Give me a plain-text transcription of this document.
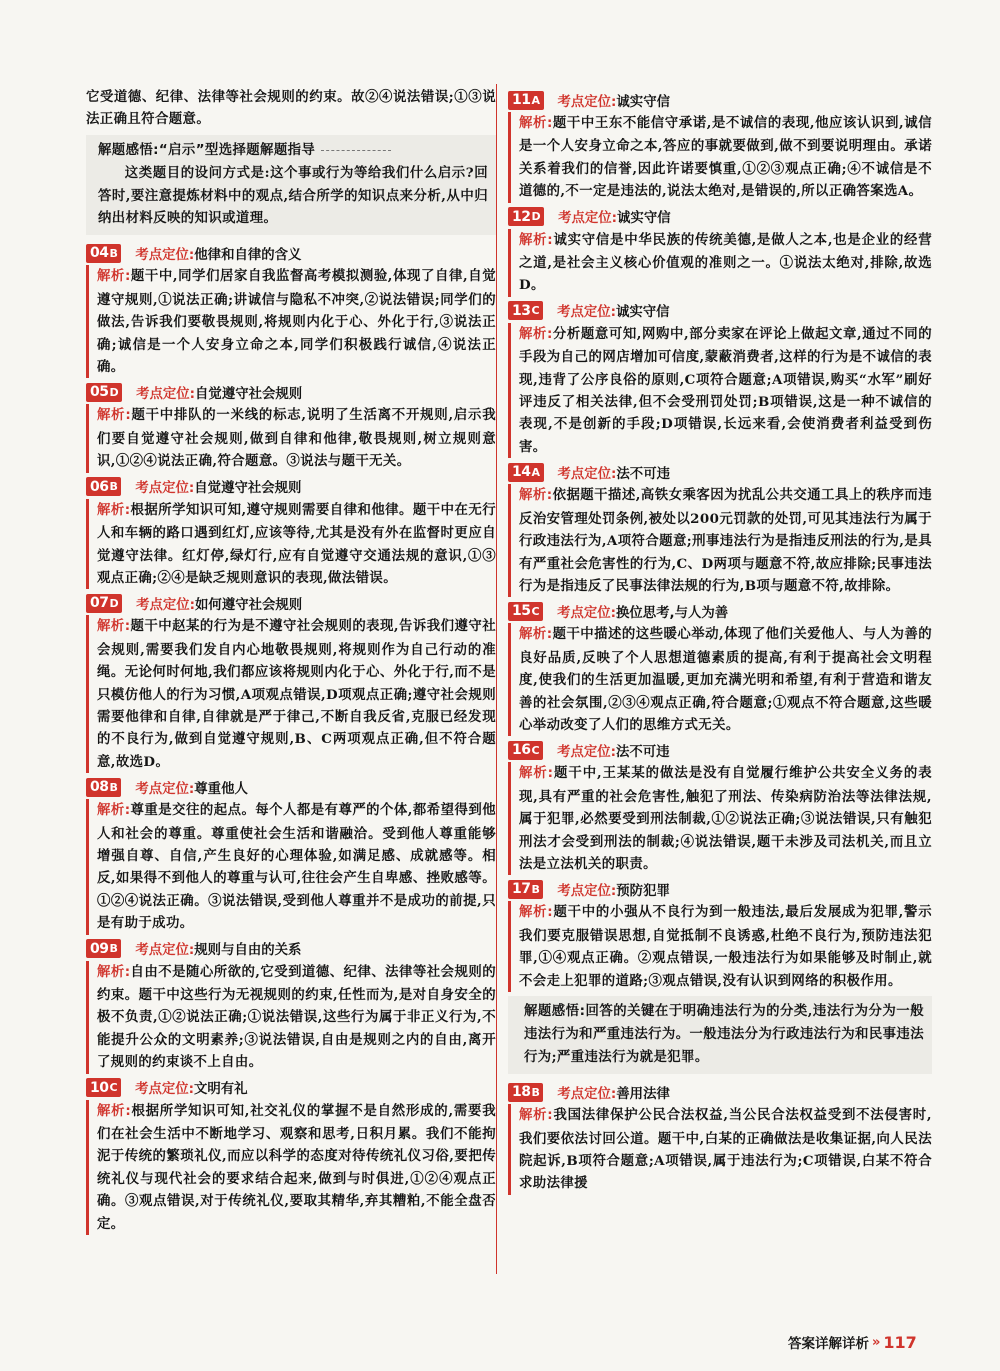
它受道德、纪律、法律等社会规则的约束。故②④说法错误;①③说法正确且符合题意。

解题感悟:“启示”型选择题解题指导

这类题目的设问方式是:这个事或行为等给我们什么启示?回答时,要注意提炼材料中的观点,结合所学的知识点来分析,从中归纳出材料反映的知识或道理。

04 B 考点定位: 他律和自律的含义

解析:题干中,同学们居家自我监督高考模拟测验,体现了自律,自觉遵守规则,①说法正确;讲诚信与隐私不冲突,②说法错误;同学们的做法,告诉我们要敬畏规则,将规则内化于心、外化于行,③说法正确;诚信是一个人安身立命之本,同学们积极践行诚信,④说法正确。

05 D 考点定位: 自觉遵守社会规则

解析:题干中排队的一米线的标志,说明了生活离不开规则,启示我们要自觉遵守社会规则,做到自律和他律,敬畏规则,树立规则意识,①②④说法正确,符合题意。③说法与题干无关。

06 B 考点定位: 自觉遵守社会规则

解析:根据所学知识可知,遵守规则需要自律和他律。题干中在无行人和车辆的路口遇到红灯,应该等待,尤其是没有外在监督时更应自觉遵守法律。红灯停,绿灯行,应有自觉遵守交通法规的意识,①③观点正确;②④是缺乏规则意识的表现,做法错误。

07 D 考点定位: 如何遵守社会规则

解析:题干中赵某的行为是不遵守社会规则的表现,告诉我们遵守社会规则,需要我们发自内心地敬畏规则,将规则作为自己行动的准绳。无论何时何地,我们都应该将规则内化于心、外化于行,而不是只模仿他人的行为习惯,A项观点错误,D项观点正确;遵守社会规则需要他律和自律,自律就是严于律己,不断自我反省,克服已经发现的不良行为,做到自觉遵守规则,B、C两项观点正确,但不符合题意,故选D。

08 B 考点定位: 尊重他人

解析:尊重是交往的起点。每个人都是有尊严的个体,都希望得到他人和社会的尊重。尊重使社会生活和谐融洽。受到他人尊重能够增强自尊、自信,产生良好的心理体验,如满足感、成就感等。相反,如果得不到他人的尊重与认可,往往会产生自卑感、挫败感等。①②④说法正确。③说法错误,受到他人尊重并不是成功的前提,只是有助于成功。

09 B 考点定位: 规则与自由的关系

解析:自由不是随心所欲的,它受到道德、纪律、法律等社会规则的约束。题干中这些行为无视规则的约束,任性而为,是对自身安全的极不负责,①②说法正确;①说法错误,这些行为属于非正义行为,不能提升公众的文明素养;③说法错误,自由是规则之内的自由,离开了规则的约束谈不上自由。

10 C 考点定位: 文明有礼

解析:根据所学知识可知,社交礼仪的掌握不是自然形成的,需要我们在社会生活中不断地学习、观察和思考,日积月累。我们不能拘泥于传统的繁琐礼仪,而应以科学的态度对待传统礼仪习俗,要把传统礼仪与现代社会的要求结合起来,做到与时俱进,①②④观点正确。③观点错误,对于传统礼仪,要取其精华,弃其糟粕,不能全盘否定。

11 A 考点定位: 诚实守信

解析:题干中王东不能信守承诺,是不诚信的表现,他应该认识到,诚信是一个人安身立命之本,答应的事就要做到,做不到要说明理由。承诺关系着我们的信誉,因此许诺要慎重,①②③观点正确;④不诚信是不道德的,不一定是违法的,说法太绝对,是错误的,所以正确答案选A。

12 D 考点定位: 诚实守信

解析:诚实守信是中华民族的传统美德,是做人之本,也是企业的经营之道,是社会主义核心价值观的准则之一。①说法太绝对,排除,故选D。

13 C 考点定位: 诚实守信

解析:分析题意可知,网购中,部分卖家在评论上做起文章,通过不同的手段为自己的网店增加可信度,蒙蔽消费者,这样的行为是不诚信的表现,违背了公序良俗的原则,C项符合题意;A项错误,购买“水军”刷好评违反了相关法律,但不会受刑罚处罚;B项错误,这是一种不诚信的表现,不是创新的手段;D项错误,长远来看,会使消费者利益受到伤害。

14 A 考点定位: 法不可违

解析:依据题干描述,高铁女乘客因为扰乱公共交通工具上的秩序而违反治安管理处罚条例,被处以200元罚款的处罚,可见其违法行为属于行政违法行为,A项符合题意;刑事违法行为是指违反刑法的行为,是具有严重社会危害性的行为,C、D两项与题意不符,故应排除;民事违法行为是指违反了民事法律法规的行为,B项与题意不符,故排除。

15 C 考点定位: 换位思考,与人为善

解析:题干中描述的这些暖心举动,体现了他们关爱他人、与人为善的良好品质,反映了个人思想道德素质的提高,有利于提高社会文明程度,使我们的生活更加温暖,更加充满光明和希望,有利于营造和谐友善的社会氛围,②③④观点正确,符合题意;①观点不符合题意,这些暖心举动改变了人们的思维方式无关。

16 C 考点定位: 法不可违

解析:题干中,王某某的做法是没有自觉履行维护公共安全义务的表现,具有严重的社会危害性,触犯了刑法、传染病防治法等法律法规,属于犯罪,必然要受到刑法制裁,①②说法正确;③说法错误,只有触犯刑法才会受到刑法的制裁;④说法错误,题干未涉及司法机关,而且立法是立法机关的职责。

17 B 考点定位: 预防犯罪

解析:题干中的小强从不良行为到一般违法,最后发展成为犯罪,警示我们要克服错误思想,自觉抵制不良诱惑,杜绝不良行为,预防违法犯罪,①④观点正确。②观点错误,一般违法行为如果能够及时制止,就不会走上犯罪的道路;③观点错误,没有认识到网络的积极作用。

解题感悟:回答的关键在于明确违法行为的分类,违法行为分为一般违法行为和严重违法行为。一般违法分为行政违法行为和民事违法行为;严重违法行为就是犯罪。

18 B 考点定位: 善用法律

解析:我国法律保护公民合法权益,当公民合法权益受到不法侵害时,我们要依法讨回公道。题干中,白某的正确做法是收集证据,向人民法院起诉,B项符合题意;A项错误,属于违法行为;C项错误,白某不符合求助法律援

答案详解详析 » 117
